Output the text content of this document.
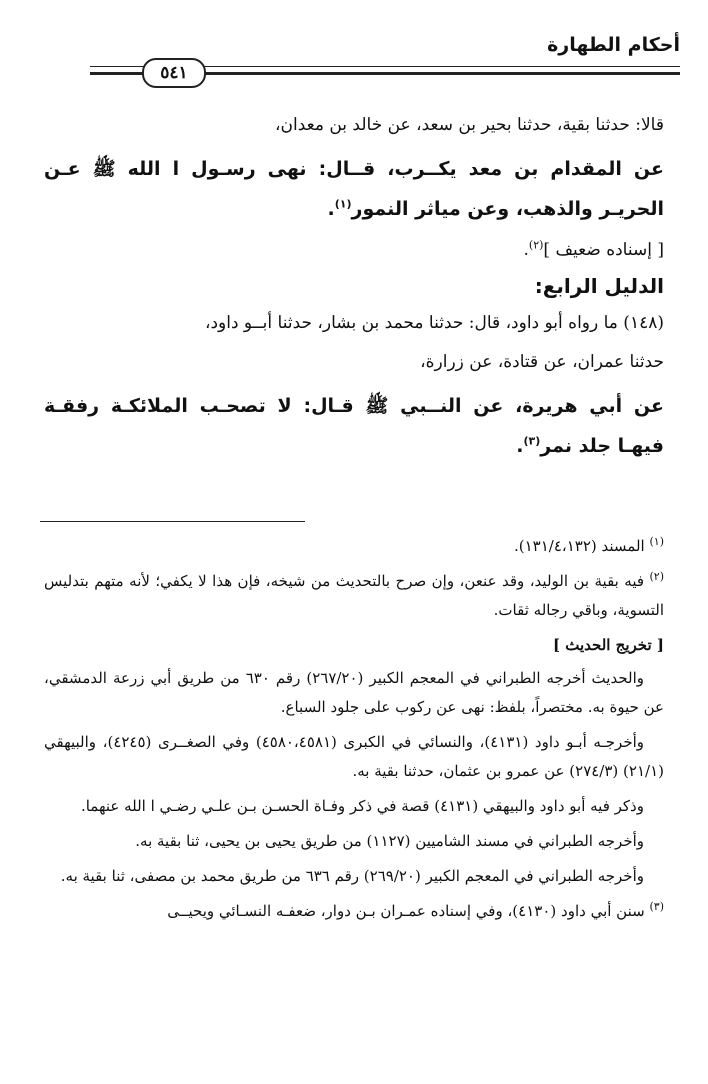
أحكام الطهارة
٥٤١

قالا: حدثنا بقية، حدثنا بحير بن سعد، عن خالد بن معدان،

عن المقدام بن معد يكــرب، قــال: نهى رسـول ا الله ﷺ عـن الحريـر والذهب، وعن مياثر النمور$^{(١)}$.

[ إسناده ضعيف ]$^{(٢)}$.

الدليل الرابع:

(١٤٨) ما رواه أبو داود، قال: حدثنا محمد بن بشار، حدثنا أبــو داود،

حدثنا عمران، عن قتادة، عن زرارة،

عن أبي هريرة، عن النــبي ﷺ قـال: لا تصحـب الملائكـة رفقـة فيهـا جلد نمر$^{(٣)}$.

$^{(١)}$ المسند (١٣١/٤،١٣٢).

$^{(٢)}$ فيه بقية بن الوليد، وقد عنعن، وإن صرح بالتحديث من شيخه، فإن هذا لا يكفي؛ لأنه متهم بتدليس التسوية، وباقي رجاله ثقات.

[ تخريج الحديث ]

والحديث أخرجه الطبراني في المعجم الكبير (٢٦٧/٢٠) رقم ٦٣٠ من طريق أبي زرعة الدمشقي، عن حيوة به. مختصراً، بلفظ: نهى عن ركوب على جلود السباع.

وأخرجـه أبـو داود (٤١٣١)، والنسائي في الكبرى (٤٥٨٠،٤٥٨١) وفي الصغــرى (٤٢٤٥)، والبيهقي (٢١/١) (٢٧٤/٣) عن عمرو بن عثمان، حدثنا بقية به.

وذكر فيه أبو داود والبيهقي (٤١٣١) قصة في ذكر وفـاة الحسـن بـن علـي رضـي ا الله عنهما.

وأخرجه الطبراني في مسند الشاميين (١١٢٧) من طريق يحيى بن يحيى، ثنا بقية به.

وأخرجه الطبراني في المعجم الكبير (٢٦٩/٢٠) رقم ٦٣٦ من طريق محمد بن مصفى، ثنا بقية به.

$^{(٣)}$ سنن أبي داود (٤١٣٠)، وفي إسناده عمـران بـن دوار، ضعفـه النسـائي ويحيــى
